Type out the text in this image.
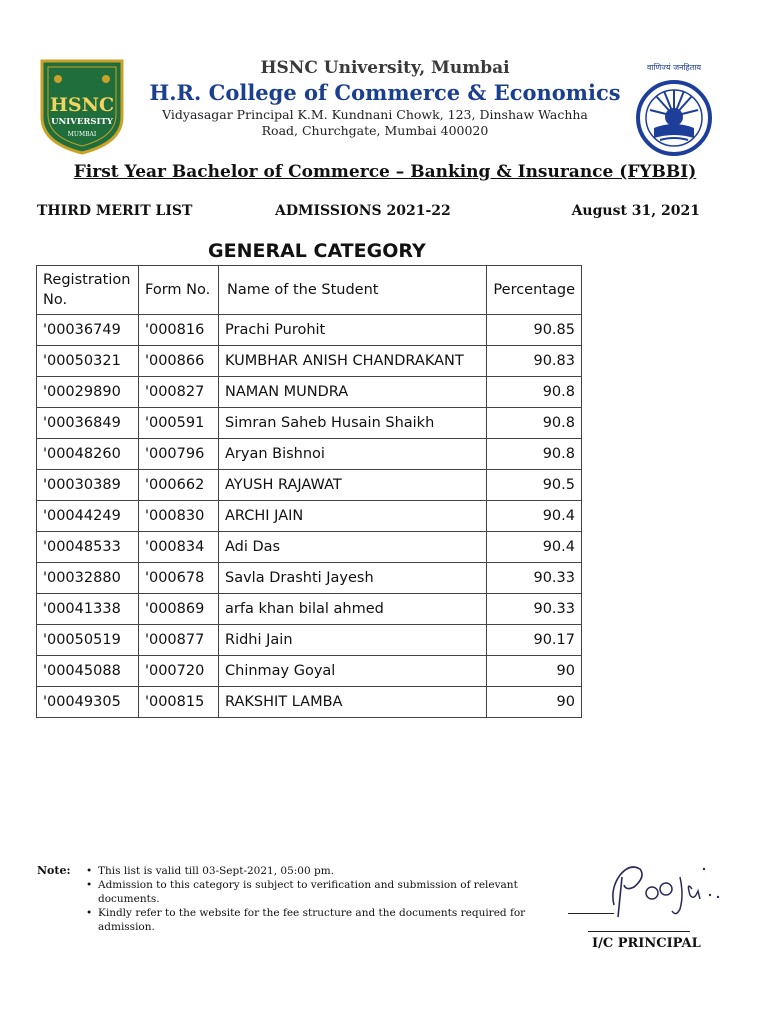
HSNC
UNIVERSITY
MUMBAI
वाणिज्यं जनहिताय
HSNC University, Mumbai
H.R. College of Commerce & Economics
Vidyasagar Principal K.M. Kundnani Chowk, 123, Dinshaw Wachha Road, Churchgate, Mumbai 400020
First Year Bachelor of Commerce – Banking & Insurance (FYBBI)
THIRD MERIT LIST	ADMISSIONS 2021-22	August 31, 2021
GENERAL CATEGORY
Registration No.	Form No.	Name of the Student	Percentage
'00036749	'000816	Prachi Purohit	90.85
'00050321	'000866	KUMBHAR ANISH CHANDRAKANT	90.83
'00029890	'000827	NAMAN MUNDRA	90.8
'00036849	'000591	Simran Saheb Husain Shaikh	90.8
'00048260	'000796	Aryan Bishnoi	90.8
'00030389	'000662	AYUSH RAJAWAT	90.5
'00044249	'000830	ARCHI JAIN	90.4
'00048533	'000834	Adi Das	90.4
'00032880	'000678	Savla Drashti Jayesh	90.33
'00041338	'000869	arfa khan bilal ahmed	90.33
'00050519	'000877	Ridhi Jain	90.17
'00045088	'000720	Chinmay Goyal	90
'00049305	'000815	RAKSHIT LAMBA	90
Note:	• This list is valid till 03-Sept-2021, 05:00 pm.
• Admission to this category is subject to verification and submission of relevant documents.
• Kindly refer to the website for the fee structure and the documents required for admission.
I/C PRINCIPAL
